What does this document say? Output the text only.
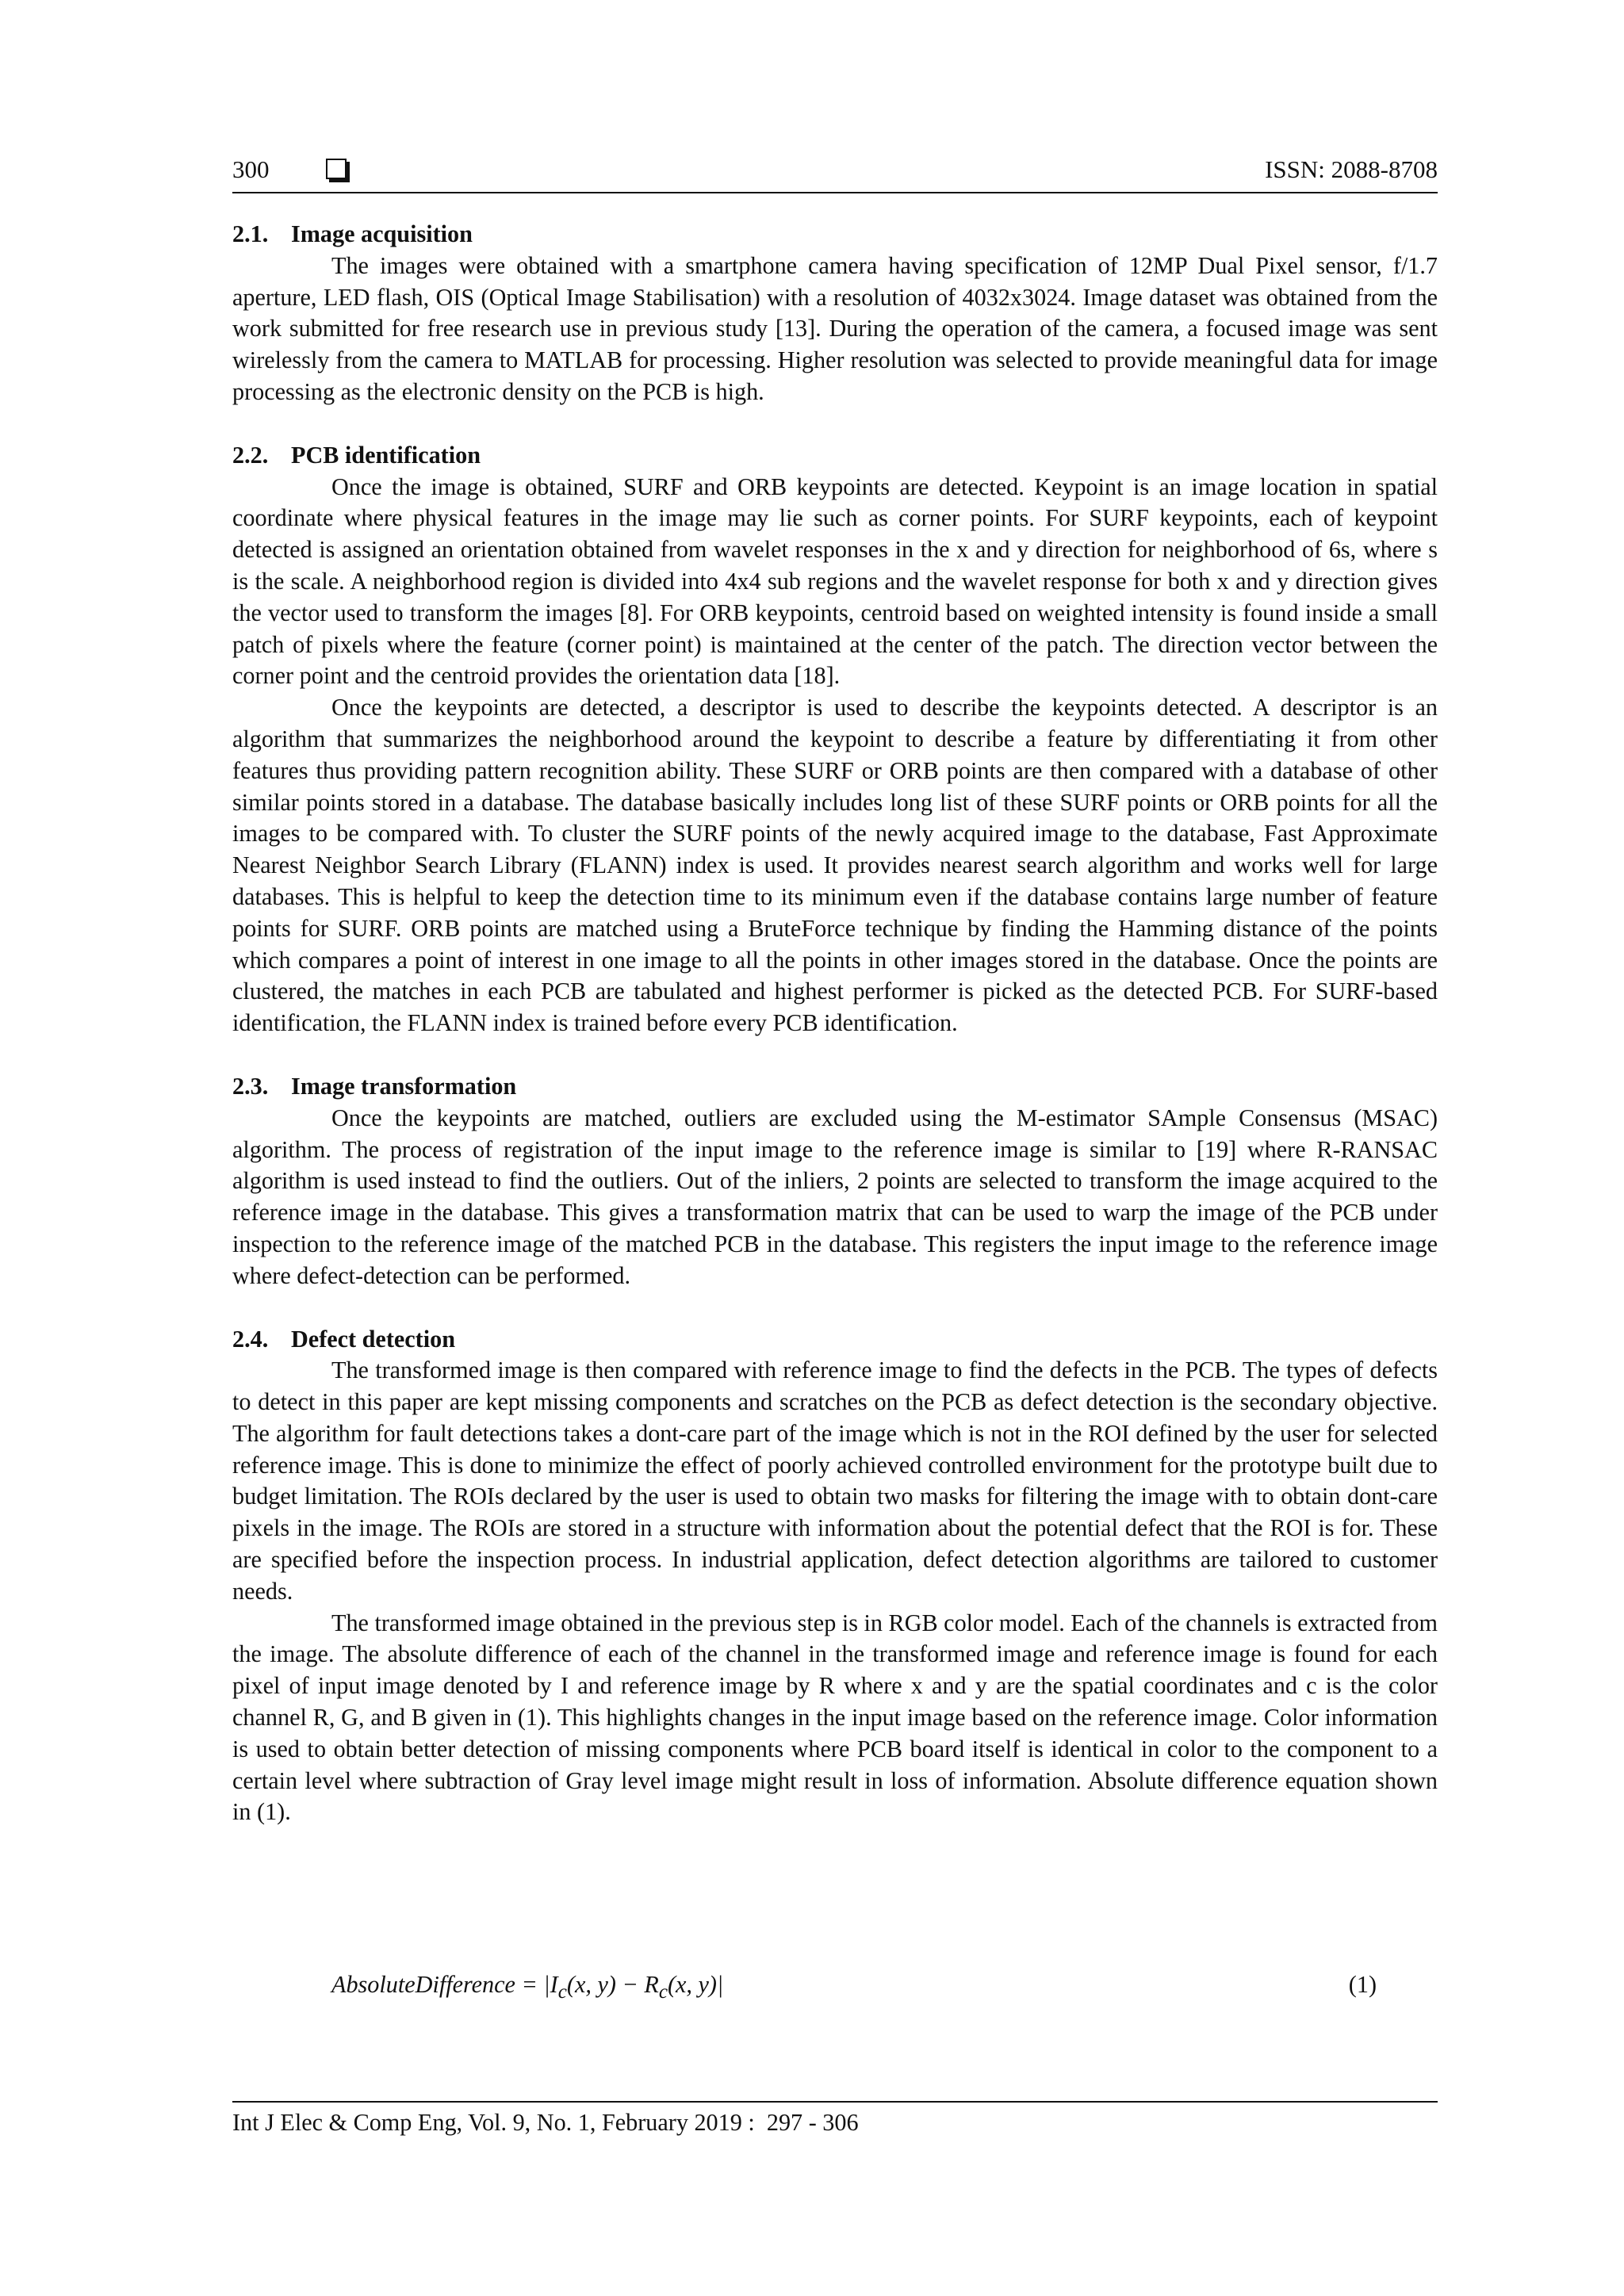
300	ISSN: 2088-8708
2.1. Image acquisition

The images were obtained with a smartphone camera having specification of 12MP Dual Pixel sensor, f/1.7 aperture, LED flash, OIS (Optical Image Stabilisation) with a resolution of 4032x3024. Image dataset was obtained from the work submitted for free research use in previous study [13]. During the operation of the camera, a focused image was sent wirelessly from the camera to MATLAB for processing. Higher resolution was selected to provide meaningful data for image processing as the electronic density on the PCB is high.

2.2. PCB identification

Once the image is obtained, SURF and ORB keypoints are detected. Keypoint is an image location in spatial coordinate where physical features in the image may lie such as corner points. For SURF keypoints, each of keypoint detected is assigned an orientation obtained from wavelet responses in the x and y direction for neighborhood of 6s, where s is the scale. A neighborhood region is divided into 4x4 sub regions and the wavelet response for both x and y direction gives the vector used to transform the images [8]. For ORB keypoints, centroid based on weighted intensity is found inside a small patch of pixels where the feature (corner point) is maintained at the center of the patch. The direction vector between the corner point and the centroid provides the orientation data [18].

Once the keypoints are detected, a descriptor is used to describe the keypoints detected. A descriptor is an algorithm that summarizes the neighborhood around the keypoint to describe a feature by differentiating it from other features thus providing pattern recognition ability. These SURF or ORB points are then compared with a database of other similar points stored in a database. The database basically includes long list of these SURF points or ORB points for all the images to be compared with. To cluster the SURF points of the newly acquired image to the database, Fast Approximate Nearest Neighbor Search Library (FLANN) index is used. It provides nearest search algorithm and works well for large databases. This is helpful to keep the detection time to its minimum even if the database contains large number of feature points for SURF. ORB points are matched using a BruteForce technique by finding the Hamming distance of the points which compares a point of interest in one image to all the points in other images stored in the database. Once the points are clustered, the matches in each PCB are tabulated and highest performer is picked as the detected PCB. For SURF-based identification, the FLANN index is trained before every PCB identification.

2.3. Image transformation

Once the keypoints are matched, outliers are excluded using the M-estimator SAmple Consensus (MSAC) algorithm. The process of registration of the input image to the reference image is similar to [19] where R-RANSAC algorithm is used instead to find the outliers. Out of the inliers, 2 points are selected to transform the image acquired to the reference image in the database. This gives a transformation matrix that can be used to warp the image of the PCB under inspection to the reference image of the matched PCB in the database. This registers the input image to the reference image where defect-detection can be performed.

2.4. Defect detection

The transformed image is then compared with reference image to find the defects in the PCB. The types of defects to detect in this paper are kept missing components and scratches on the PCB as defect detection is the secondary objective. The algorithm for fault detections takes a dont-care part of the image which is not in the ROI defined by the user for selected reference image. This is done to minimize the effect of poorly achieved controlled environment for the prototype built due to budget limitation. The ROIs declared by the user is used to obtain two masks for filtering the image with to obtain dont-care pixels in the image. The ROIs are stored in a structure with information about the potential defect that the ROI is for. These are specified before the inspection process. In industrial application, defect detection algorithms are tailored to customer needs.

The transformed image obtained in the previous step is in RGB color model. Each of the channels is extracted from the image. The absolute difference of each of the channel in the transformed image and reference image is found for each pixel of input image denoted by I and reference image by R where x and y are the spatial coordinates and c is the color channel R, G, and B given in (1). This highlights changes in the input image based on the reference image. Color information is used to obtain better detection of missing components where PCB board itself is identical in color to the component to a certain level where subtraction of Gray level image might result in loss of information. Absolute difference equation shown in (1).

AbsoluteDifference = $|I_c(x$, $y) - R_c(x$, y)|	(1)
Int J Elec & Comp Eng, Vol. 9, No. 1, February 2019 :  297 - 306
